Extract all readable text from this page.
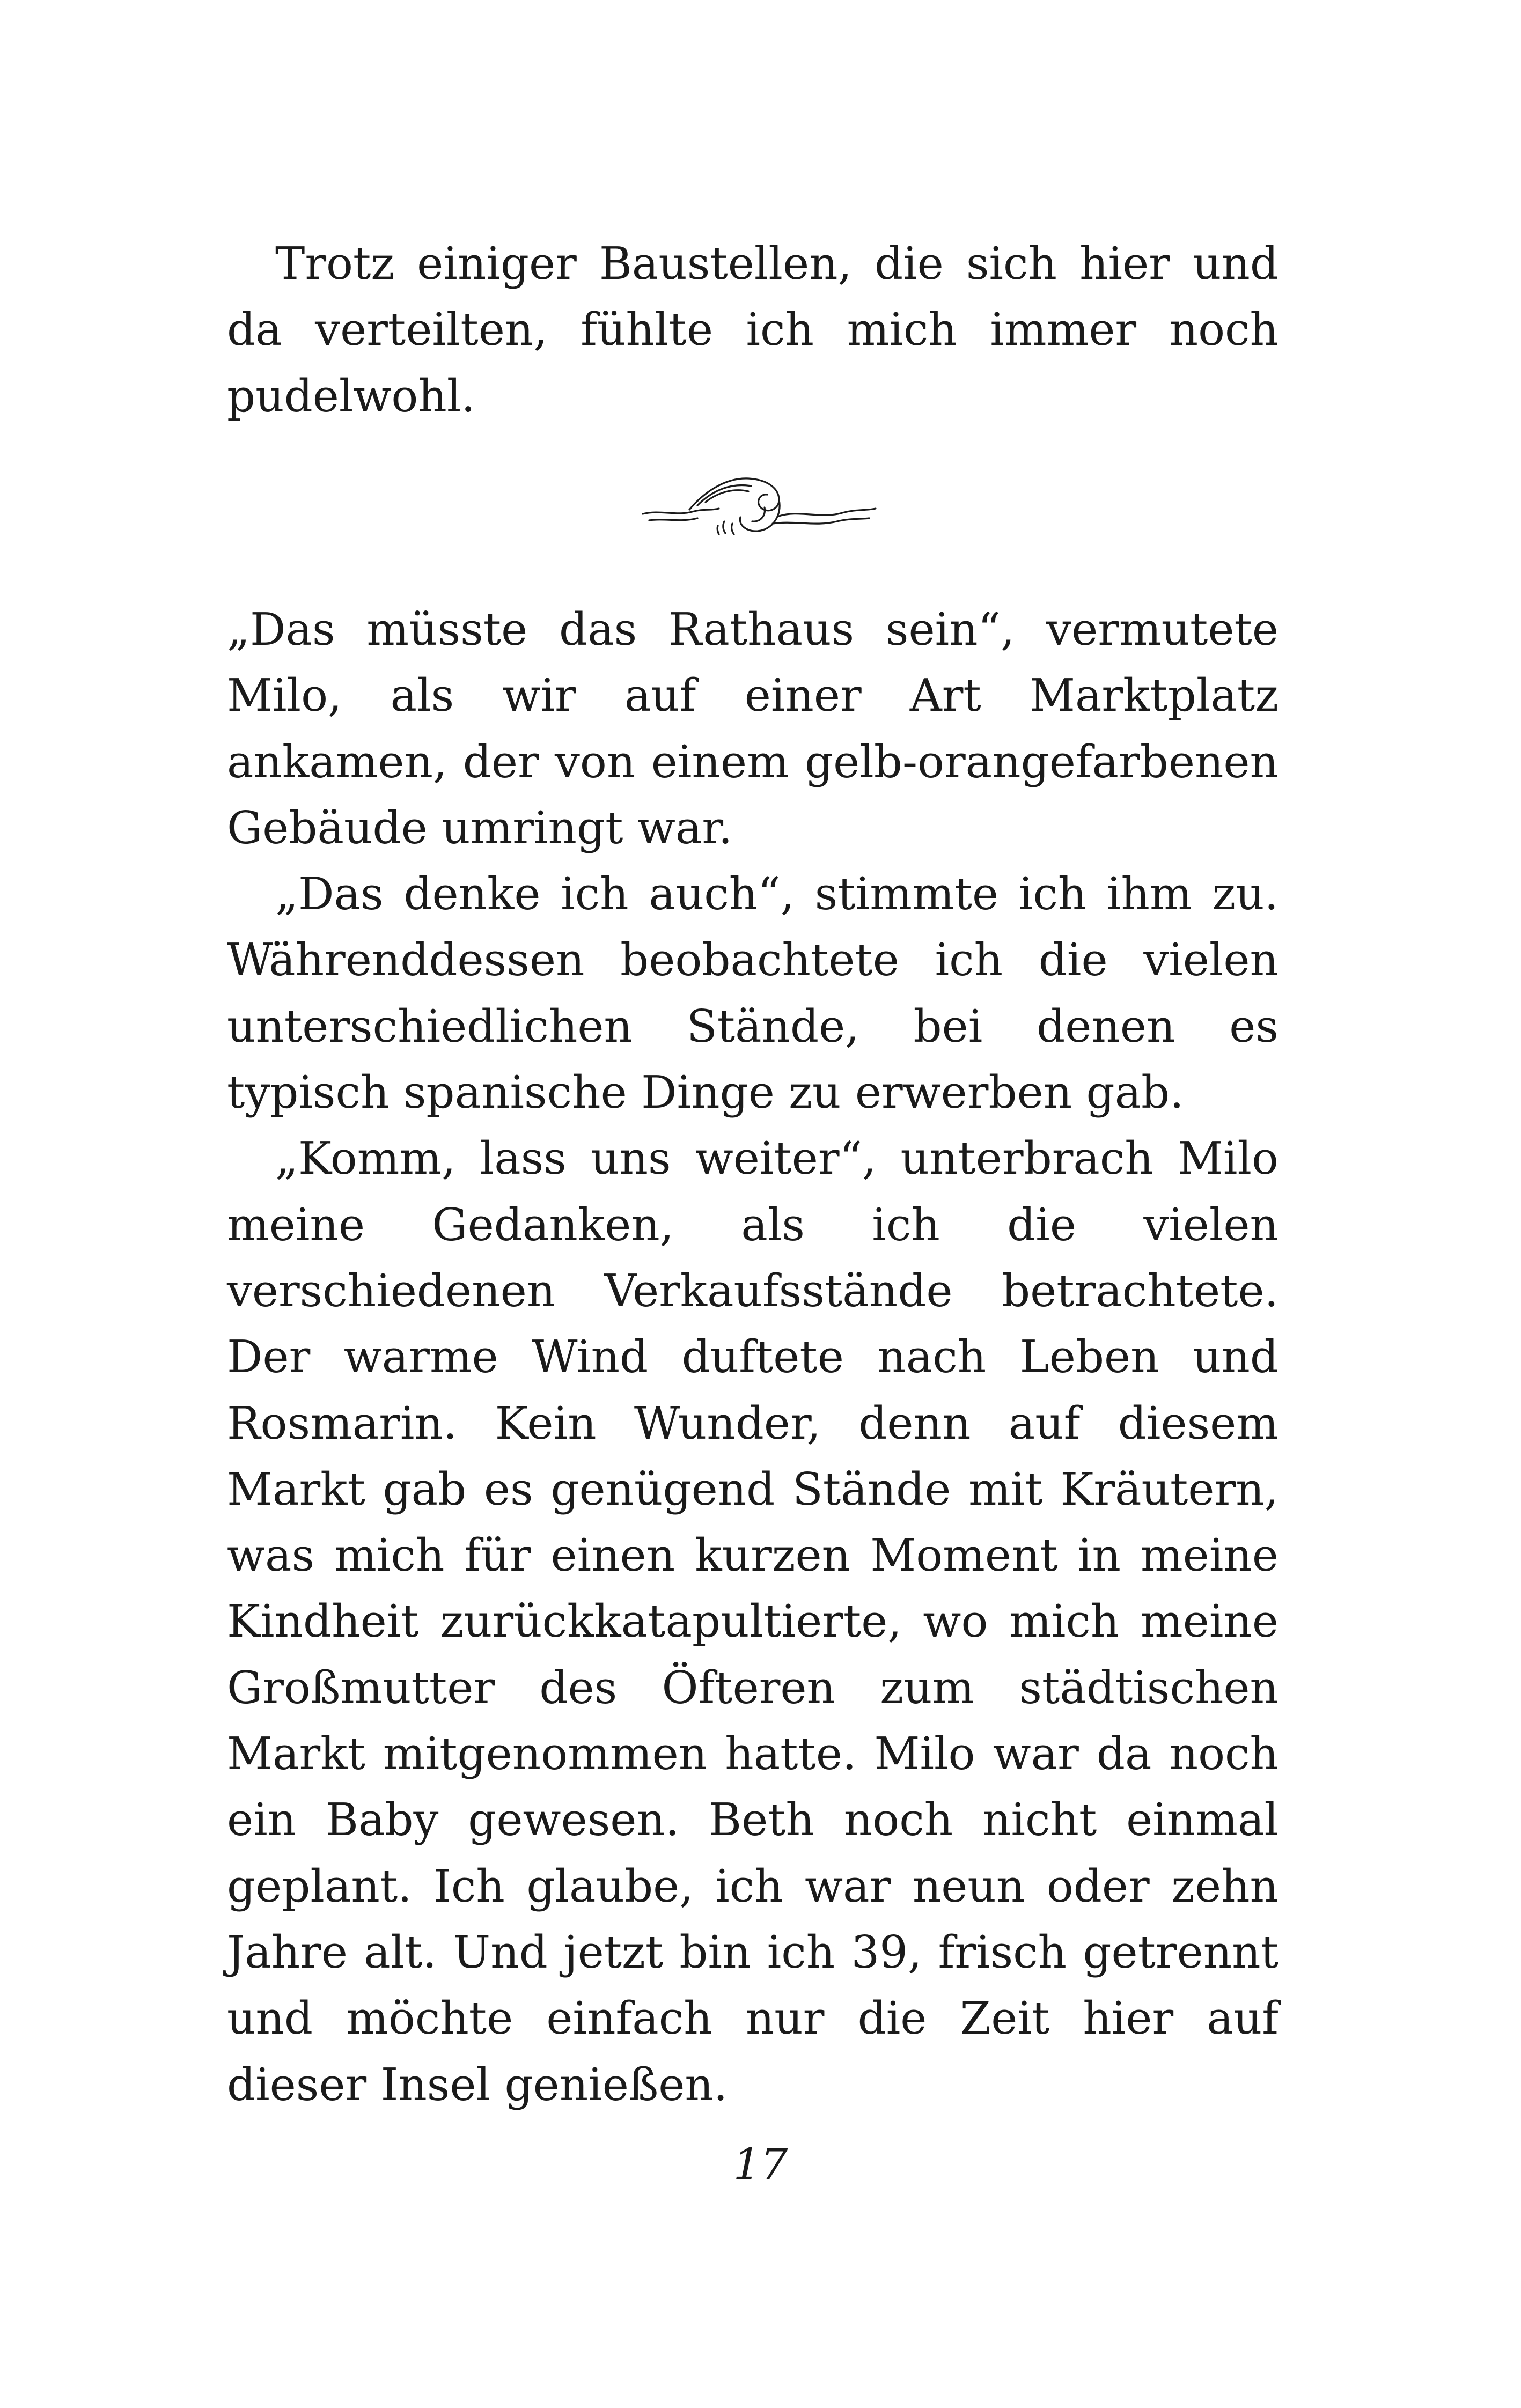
Trotz einiger Baustellen, die sich hier und da verteilten, fühlte ich mich immer noch pudelwohl.

„Das müsste das Rathaus sein“, vermutete Milo, als wir auf einer Art Marktplatz ankamen, der von einem gelb-orangefarbenen Gebäude umringt war.

„Das denke ich auch“, stimmte ich ihm zu. Währenddessen beobachtete ich die vielen unterschiedlichen Stände, bei denen es typisch spanische Dinge zu erwerben gab.

„Komm, lass uns weiter“, unterbrach Milo meine Gedanken, als ich die vielen verschiedenen Verkaufsstände betrachtete. Der warme Wind duftete nach Leben und Rosmarin. Kein Wunder, denn auf diesem Markt gab es genügend Stände mit Kräutern, was mich für einen kurzen Moment in meine Kindheit zurückkatapultierte, wo mich meine Großmutter des Öfteren zum städtischen Markt mitgenommen hatte. Milo war da noch ein Baby gewesen. Beth noch nicht einmal geplant. Ich glaube, ich war neun oder zehn Jahre alt. Und jetzt bin ich 39, frisch getrennt und möchte einfach nur die Zeit hier auf dieser Insel genießen.

17
